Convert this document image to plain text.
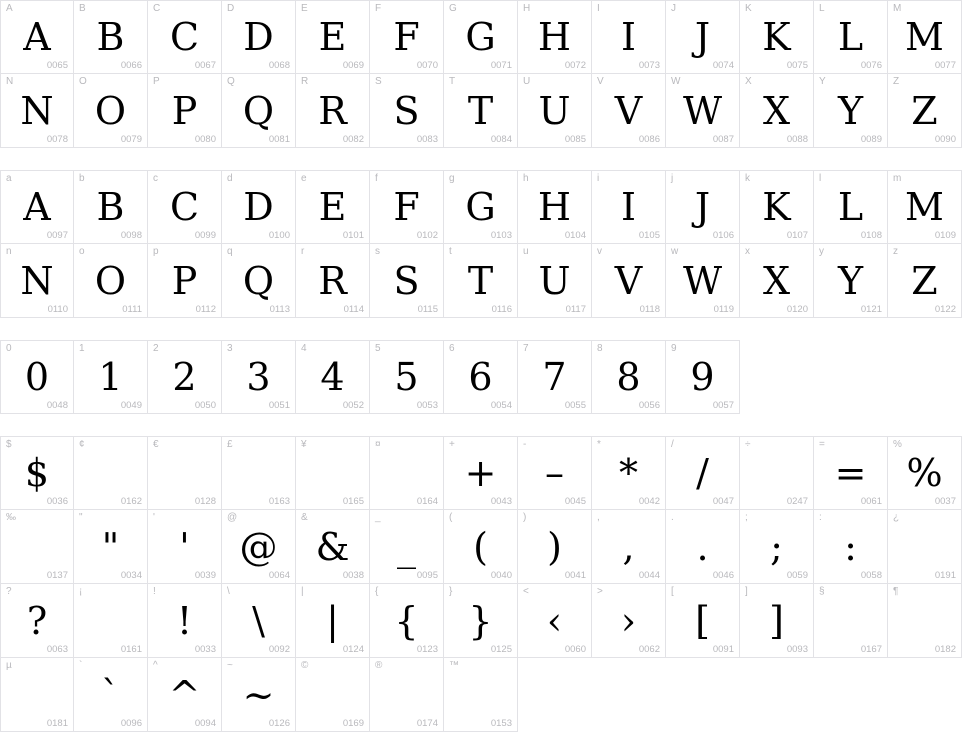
A
A
0065
B
B
0066
C
C
0067
D
D
0068
E
E
0069
F
F
0070
G
G
0071
H
H
0072
I
I
0073
J
J
0074
K
K
0075
L
L
0076
M
M
0077
N
N
0078
O
O
0079
P
P
0080
Q
Q
0081
R
R
0082
S
S
0083
T
T
0084
U
U
0085
V
V
0086
W
W
0087
X
X
0088
Y
Y
0089
Z
Z
0090
a
A
0097
b
B
0098
c
C
0099
d
D
0100
e
E
0101
f
F
0102
g
G
0103
h
H
0104
i
I
0105
j
J
0106
k
K
0107
l
L
0108
m
M
0109
n
N
0110
o
O
0111
p
P
0112
q
Q
0113
r
R
0114
s
S
0115
t
T
0116
u
U
0117
v
V
0118
w
W
0119
x
X
0120
y
Y
0121
z
Z
0122
0
0
0048
1
1
0049
2
2
0050
3
3
0051
4
4
0052
5
5
0053
6
6
0054
7
7
0055
8
8
0056
9
9
0057
$
$
0036
¢
0162
€
0128
£
0163
¥
0165
¤
0164
+
+
0043
-
–
0045
*
*
0042
/
/
0047
÷
0247
=
=
0061
%
%
0037
‰
0137
"
"
0034
'
'
0039
@
@
0064
&
&
0038
_
_
0095
(
(
0040
)
)
0041
,
,
0044
.
.
0046
;
;
0059
:
:
0058
¿
0191
?
?
0063
¡
0161
!
!
0033
\
\
0092
|
|
0124
{
{
0123
}
}
0125
<
‹
0060
>
›
0062
[
[
0091
]
]
0093
§
0167
¶
0182
µ
0181
`
`
0096
^
^
0094
~
~
0126
©
0169
®
0174
™
0153
